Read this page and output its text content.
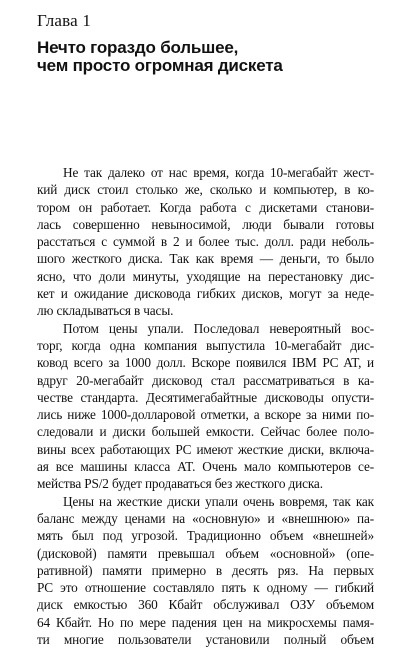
Глава 1
Нечто гораздо большее,
чем просто огромная дискета
Не так далеко от нас время, когда 10-мегабайт жест-
кий диск стоил столько же, сколько и компьютер, в ко-
тором он работает. Когда работа с дискетами станови-
лась совершенно невыносимой, люди бывали готовы
расстаться с суммой в 2 и более тыс. долл. ради неболь-
шого жесткого диска. Так как время — деньги, то было
ясно, что доли минуты, уходящие на перестановку дис-
кет и ожидание дисковода гибких дисков, могут за неде-
лю складываться в часы.
Потом цены упали. Последовал невероятный вос-
торг, когда одна компания выпустила 10-мегабайт дис-
ковод всего за 1000 долл. Вскоре появился IBM PC AT, и
вдруг 20-мегабайт дисковод стал рассматриваться в ка-
честве стандарта. Десятимегабайтные дисководы опусти-
лись ниже 1000-долларовой отметки, а вскоре за ними по-
следовали и диски большей емкости. Сейчас более поло-
вины всех работающих PC имеют жесткие диски, включа-
ая все машины класса AT. Очень мало компьютеров се-
мейства PS/2 будет продаваться без жесткого диска.
Цены на жесткие диски упали очень вовремя, так как
баланс между ценами на «основную» и «внешнюю» па-
мять был под угрозой. Традиционно объем «внешней»
(дисковой) памяти превышал объем «основной» (опе-
ративной) памяти примерно в десять ряз. На первых
PC это отношение составляло пять к одному — гибкий
диск емкостью 360 Кбайт обслуживал ОЗУ объемом
64 Кбайт. Но по мере падения цен на микросхемы памя-
ти многие пользователи установили полный объем
